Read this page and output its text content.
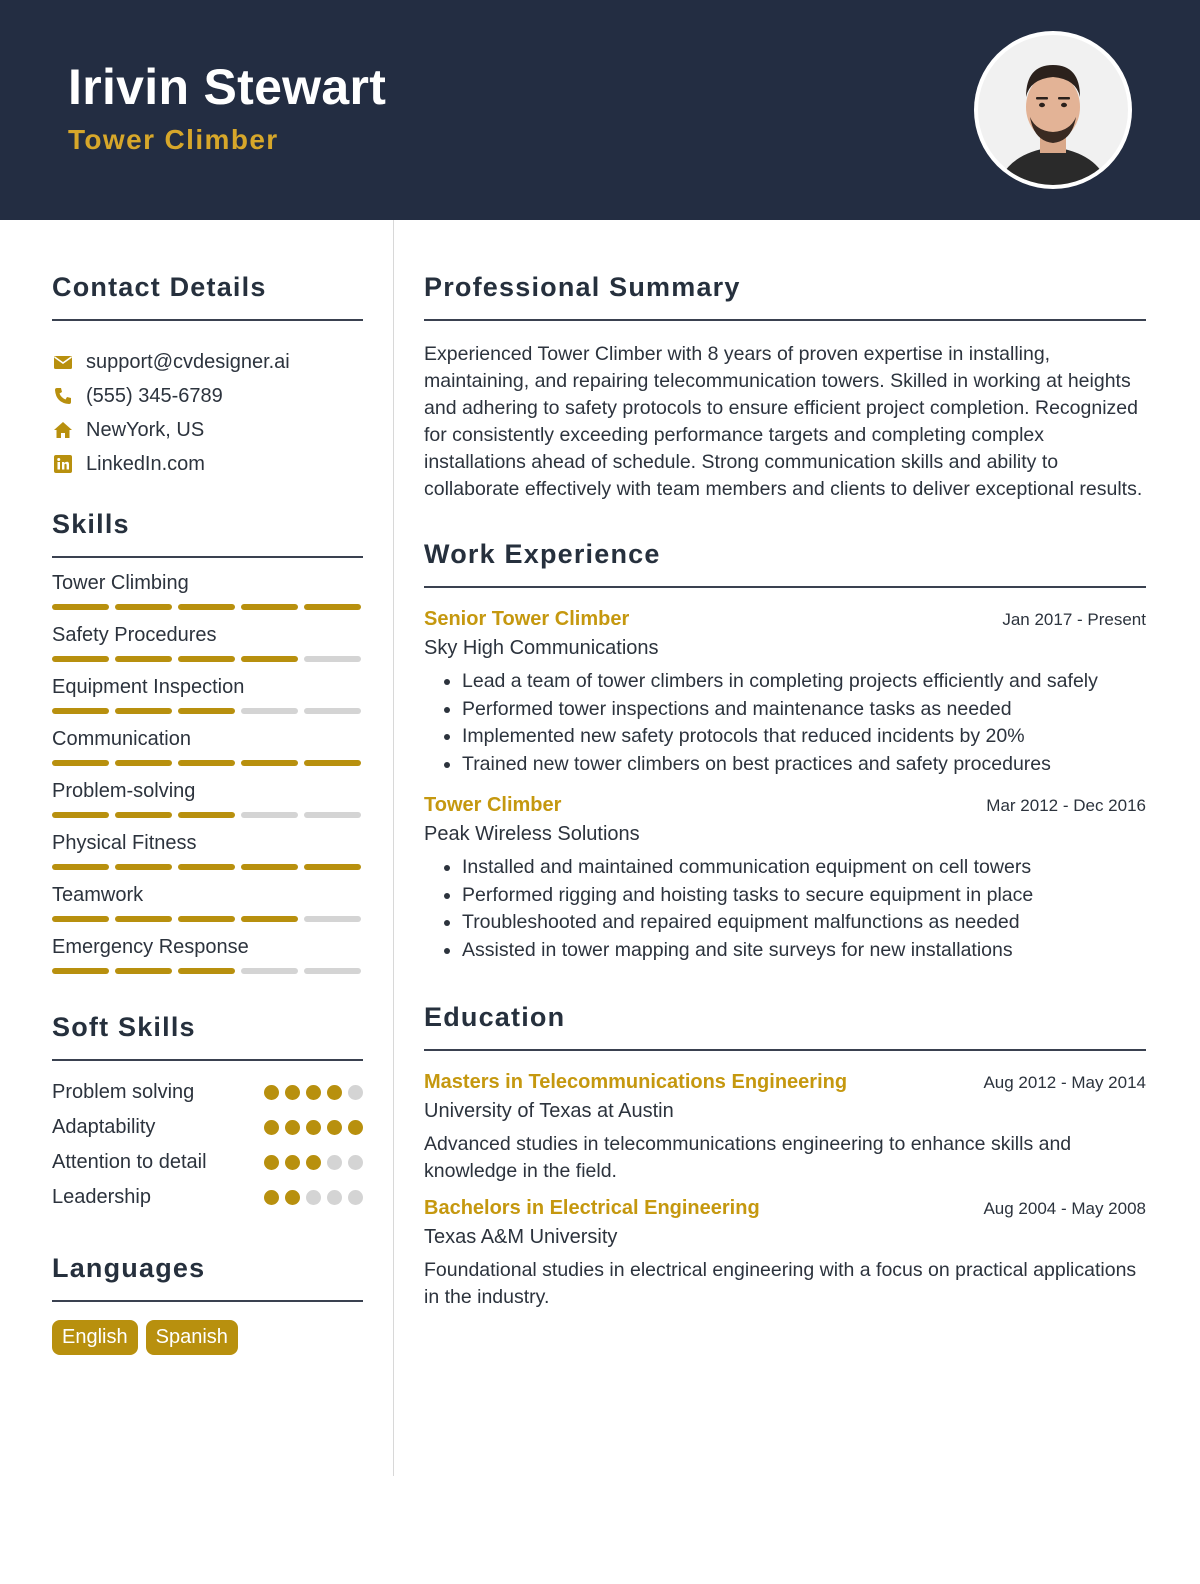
Irivin Stewart
Tower Climber
Contact Details
support@cvdesigner.ai
(555) 345-6789
NewYork, US
LinkedIn.com
Skills
Tower Climbing
Safety Procedures
Equipment Inspection
Communication
Problem-solving
Physical Fitness
Teamwork
Emergency Response
Soft Skills
Problem solving
Adaptability
Attention to detail
Leadership
Languages
English	Spanish
Professional Summary

Experienced Tower Climber with 8 years of proven expertise in installing, maintaining, and repairing telecommunication towers. Skilled in working at heights and adhering to safety protocols to ensure efficient project completion. Recognized for consistently exceeding performance targets and completing complex installations ahead of schedule. Strong communication skills and ability to collaborate effectively with team members and clients to deliver exceptional results.

Work Experience
Senior Tower Climber	Jan 2017 - Present
Sky High Communications
• Lead a team of tower climbers in completing projects efficiently and safely
• Performed tower inspections and maintenance tasks as needed
• Implemented new safety protocols that reduced incidents by 20%
• Trained new tower climbers on best practices and safety procedures
Tower Climber	Mar 2012 - Dec 2016
Peak Wireless Solutions
• Installed and maintained communication equipment on cell towers
• Performed rigging and hoisting tasks to secure equipment in place
• Troubleshooted and repaired equipment malfunctions as needed
• Assisted in tower mapping and site surveys for new installations
Education
Masters in Telecommunications Engineering	Aug 2012 - May 2014
University of Texas at Austin

Advanced studies in telecommunications engineering to enhance skills and knowledge in the field.

Bachelors in Electrical Engineering	Aug 2004 - May 2008
Texas A&M University

Foundational studies in electrical engineering with a focus on practical applications in the industry.
